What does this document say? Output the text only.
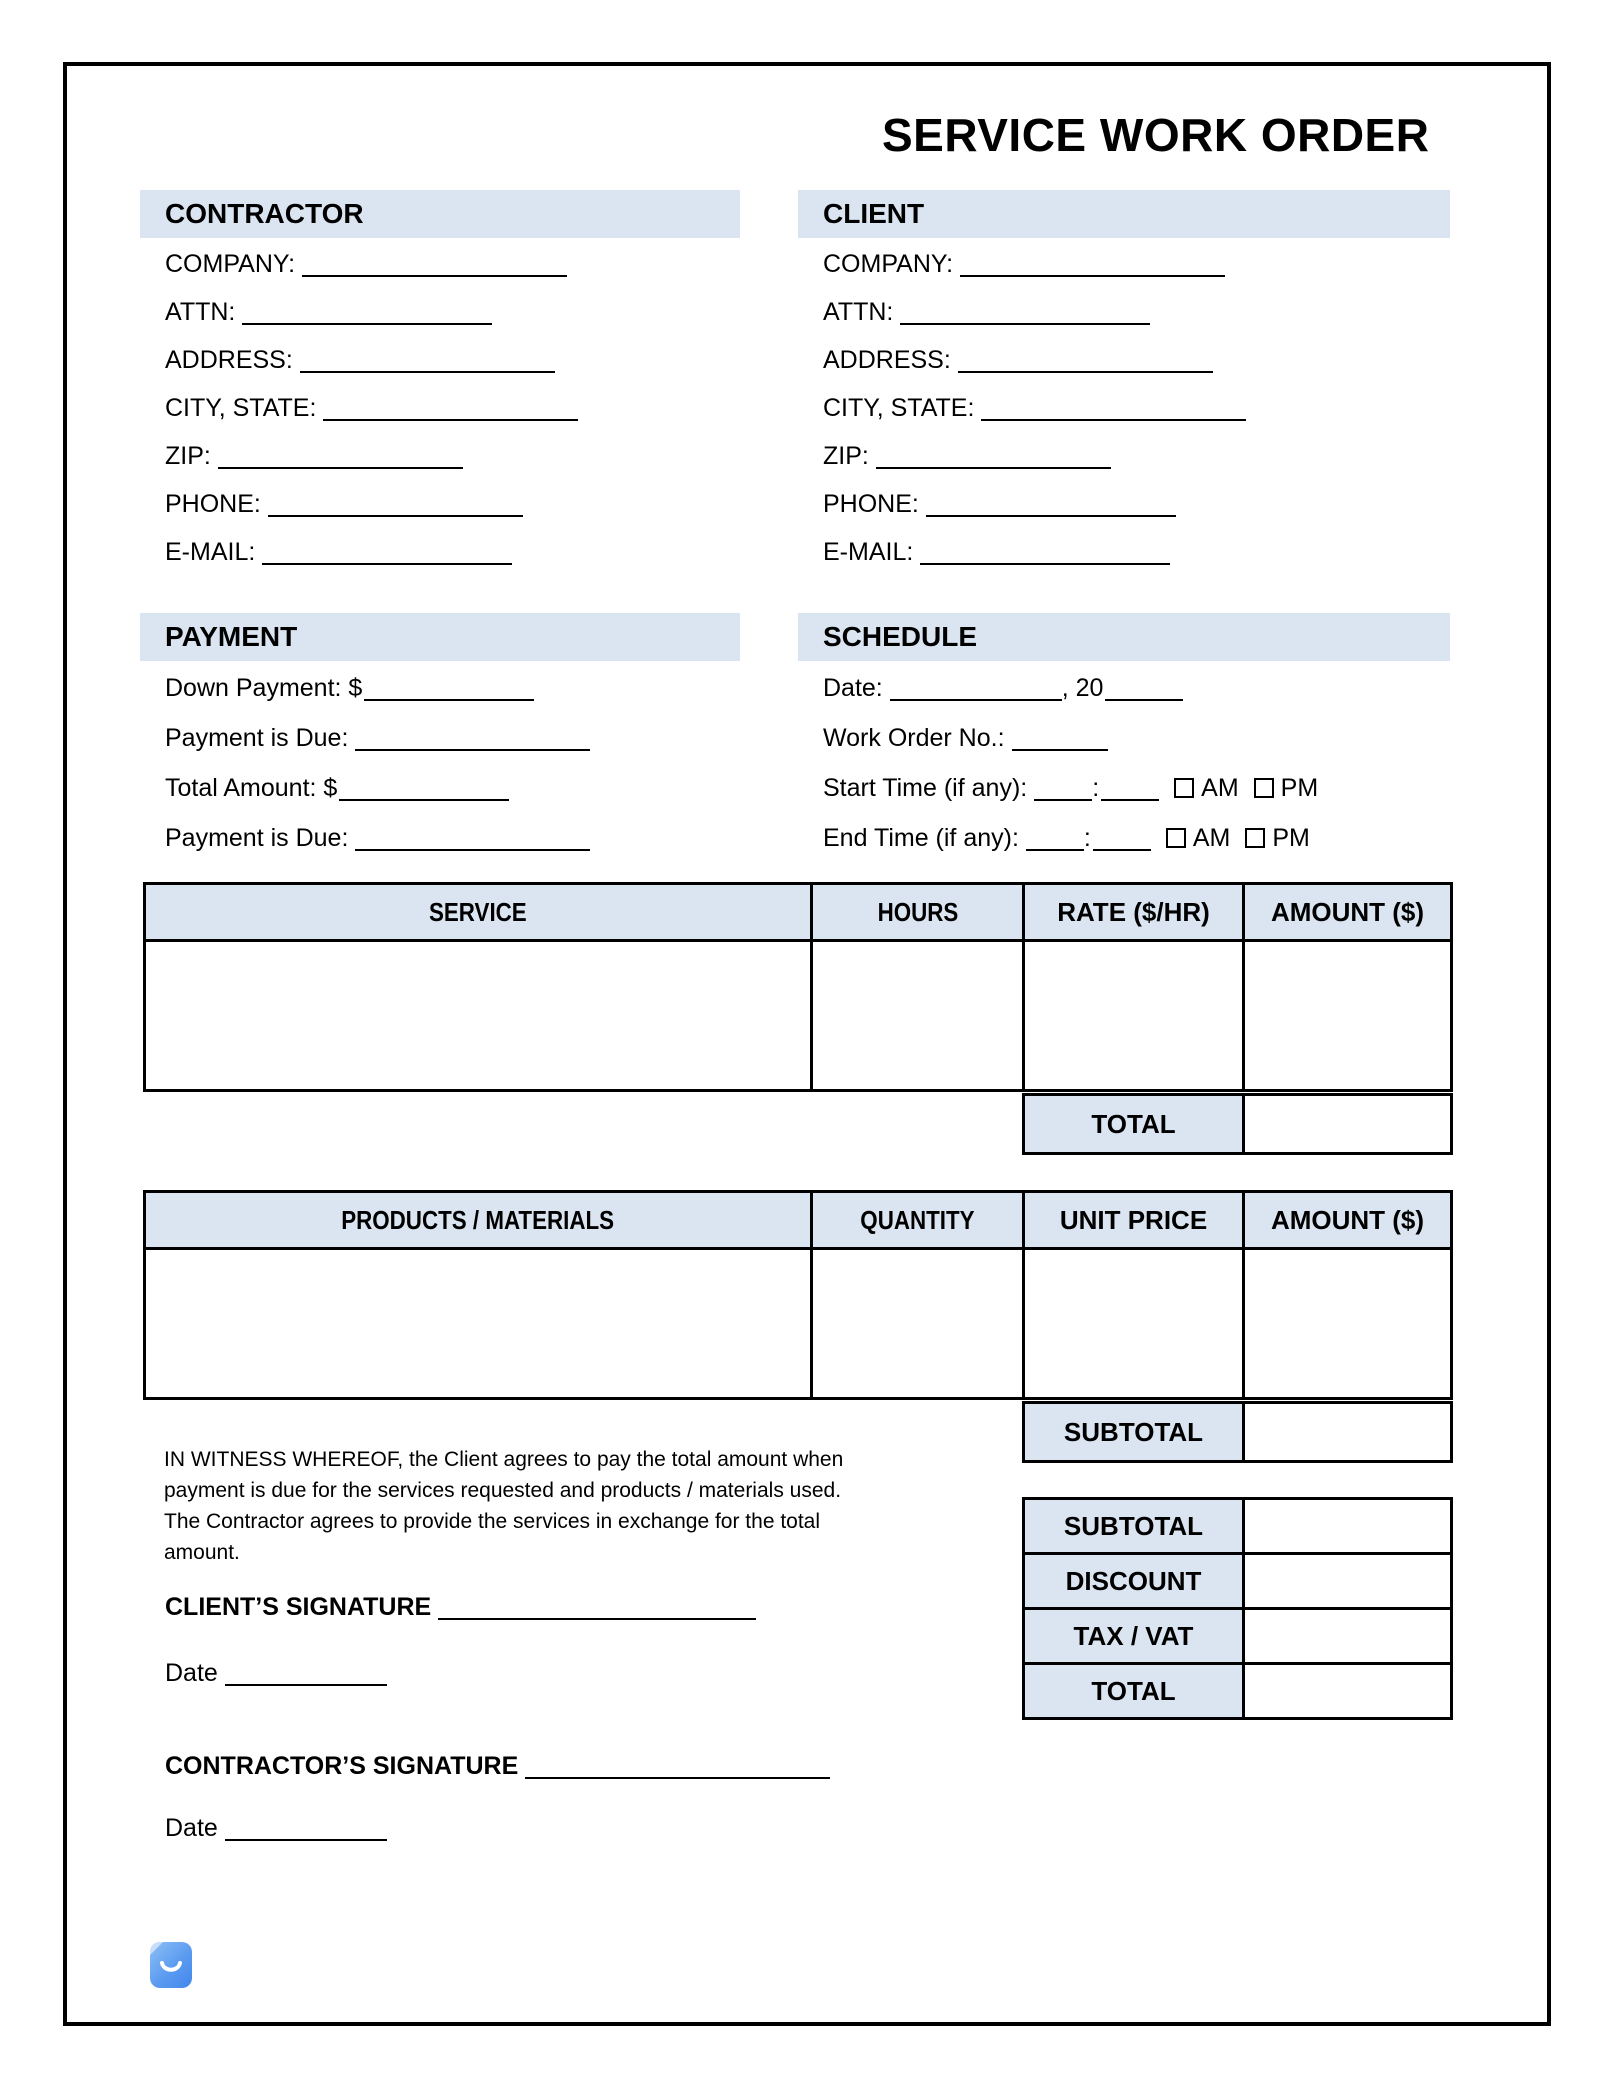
SERVICE WORK ORDER
CONTRACTOR
COMPANY:
ATTN:
ADDRESS:
CITY, STATE:
ZIP:
PHONE:
E-MAIL:
CLIENT
COMPANY:
ATTN:
ADDRESS:
CITY, STATE:
ZIP:
PHONE:
E-MAIL:
PAYMENT
Down Payment: $
Payment is Due:
Total Amount: $
Payment is Due:
SCHEDULE
Date:	, 20
Work Order No.:
Start Time (if any):	:	AM PM
End Time (if any):	:	AM PM
SERVICE	HOURS	RATE ($/HR)	AMOUNT ($)

TOTAL	
PRODUCTS / MATERIALS	QUANTITY	UNIT PRICE	AMOUNT ($)

SUBTOTAL	
IN WITNESS WHEREOF, the Client agrees to pay the total amount when payment is due for the services requested and products / materials used. The Contractor agrees to provide the services in exchange for the total amount.
SUBTOTAL	
DISCOUNT	
TAX / VAT	
TOTAL	
CLIENT’S SIGNATURE
Date
CONTRACTOR’S SIGNATURE
Date
